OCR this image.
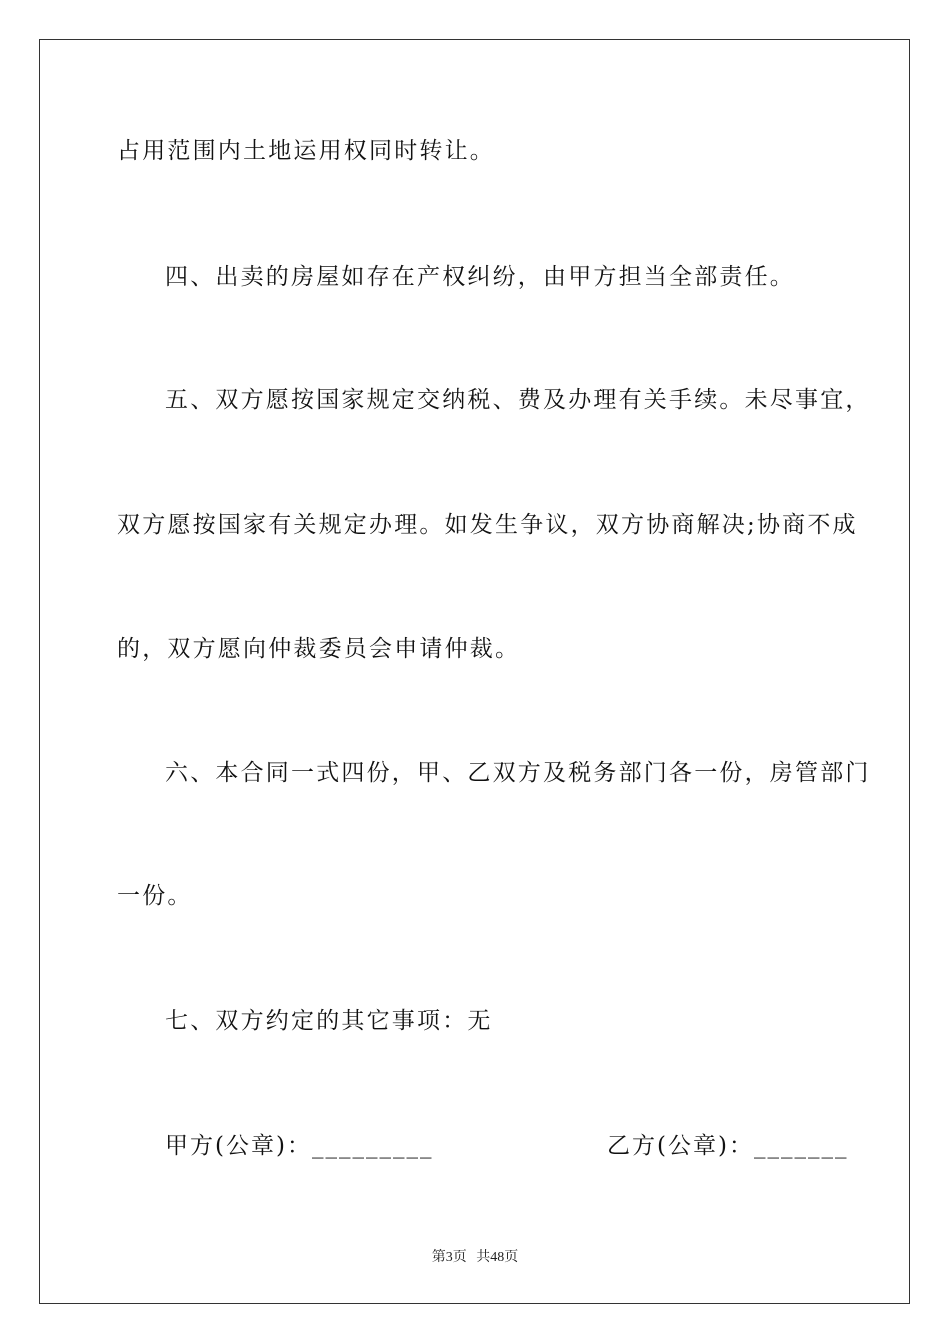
占用范围内土地运用权同时转让。
四、出卖的房屋如存在产权纠纷，由甲方担当全部责任。
五、双方愿按国家规定交纳税、费及办理有关手续。未尽事宜，
双方愿按国家有关规定办理。如发生争议，双方协商解决;协商不成
的，双方愿向仲裁委员会申请仲裁。
六、本合同一式四份，甲、乙双方及税务部门各一份，房管部门
一份。
七、双方约定的其它事项：无
甲方(公章)：_________	乙方(公章)：_______
第3页 共48页
